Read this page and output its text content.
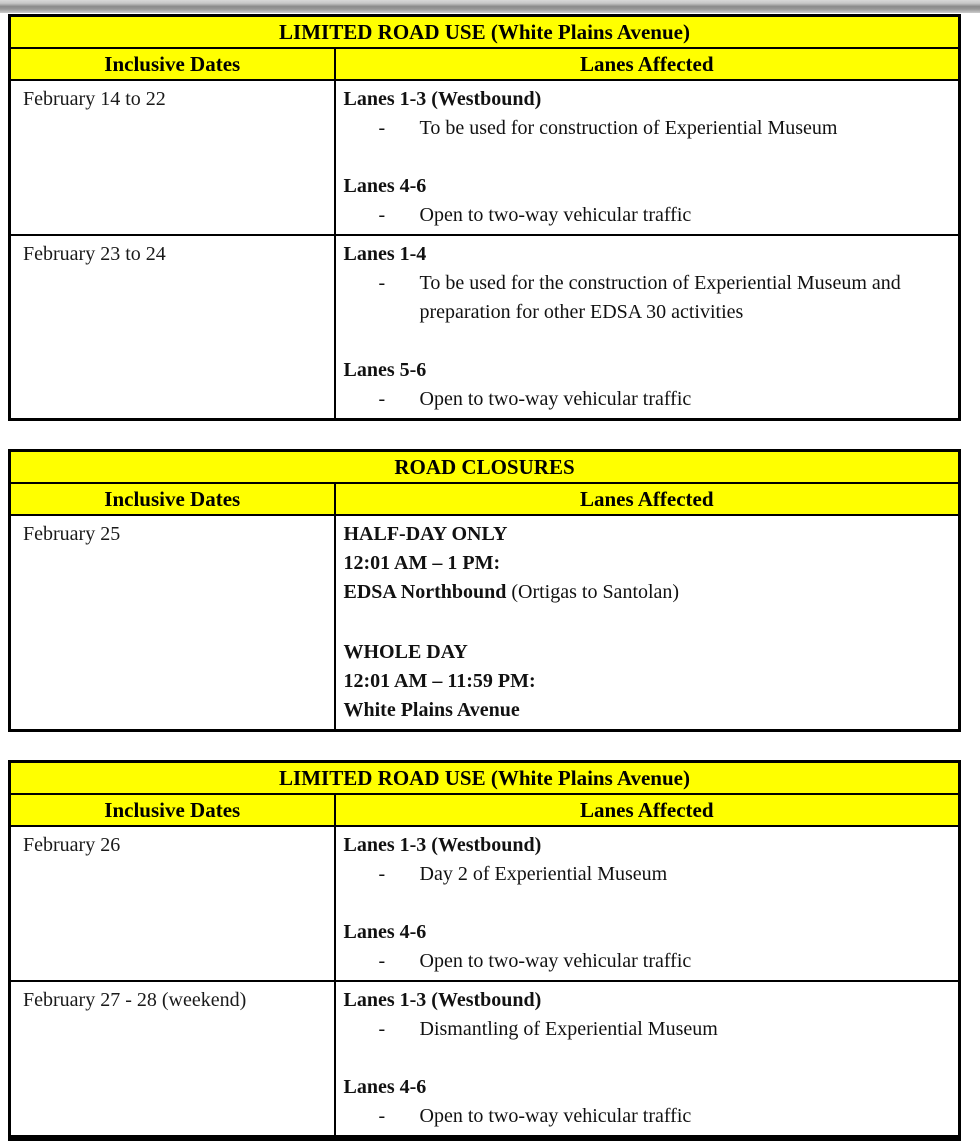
LIMITED ROAD USE (White Plains Avenue)	
Inclusive Dates	Lanes Affected
February 14 to 22	Lanes 1-3 (Westbound)
- To be used for construction of Experiential Museum
Lanes 4-6
- Open to two-way vehicular traffic

February 23 to 24	Lanes 1-4
- To be used for the construction of Experiential Museum and preparation for other EDSA 30 activities
Lanes 5-6
- Open to two-way vehicular traffic
ROAD CLOSURES	
Inclusive Dates	Lanes Affected
February 25	HALF-DAY ONLY
12:01 AM – 1 PM:
EDSA Northbound (Ortigas to Santolan)
WHOLE DAY
12:01 AM – 11:59 PM:
White Plains Avenue
LIMITED ROAD USE (White Plains Avenue)	
Inclusive Dates	Lanes Affected
February 26	Lanes 1-3 (Westbound)
- Day 2 of Experiential Museum
Lanes 4-6
- Open to two-way vehicular traffic

February 27 - 28 (weekend)	Lanes 1-3 (Westbound)
- Dismantling of Experiential Museum
Lanes 4-6
- Open to two-way vehicular traffic
